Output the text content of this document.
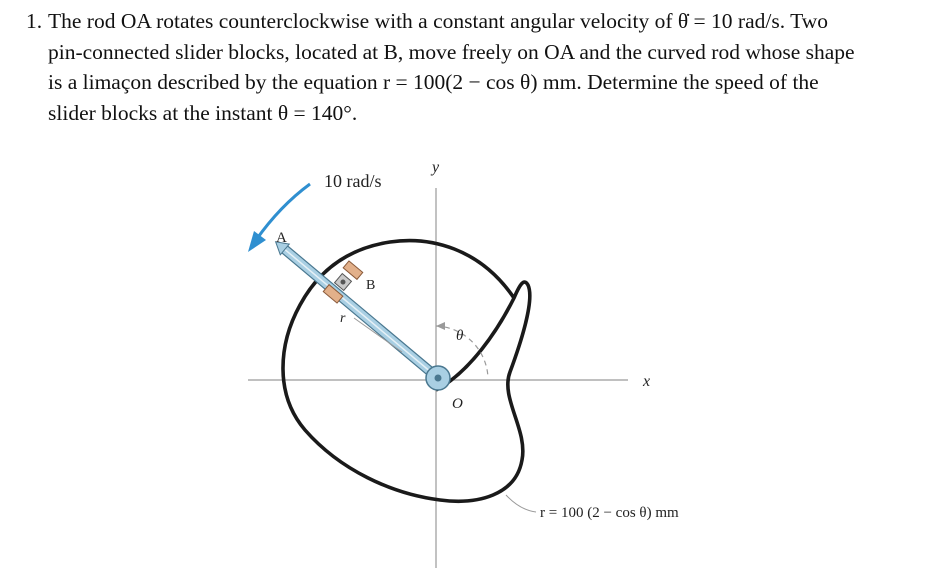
1. The rod OA rotates counterclockwise with a constant angular velocity of θ̇ = 10 rad/s. Two
pin-connected slider blocks, located at B, move freely on OA and the curved rod whose shape
is a limaçon described by the equation r = 100(2 − cos θ) mm. Determine the speed of the
slider blocks at the instant θ = 140°.
y
x
θ
r
B
O
A
10 rad/s
r = 100 (2 − cos θ) mm
